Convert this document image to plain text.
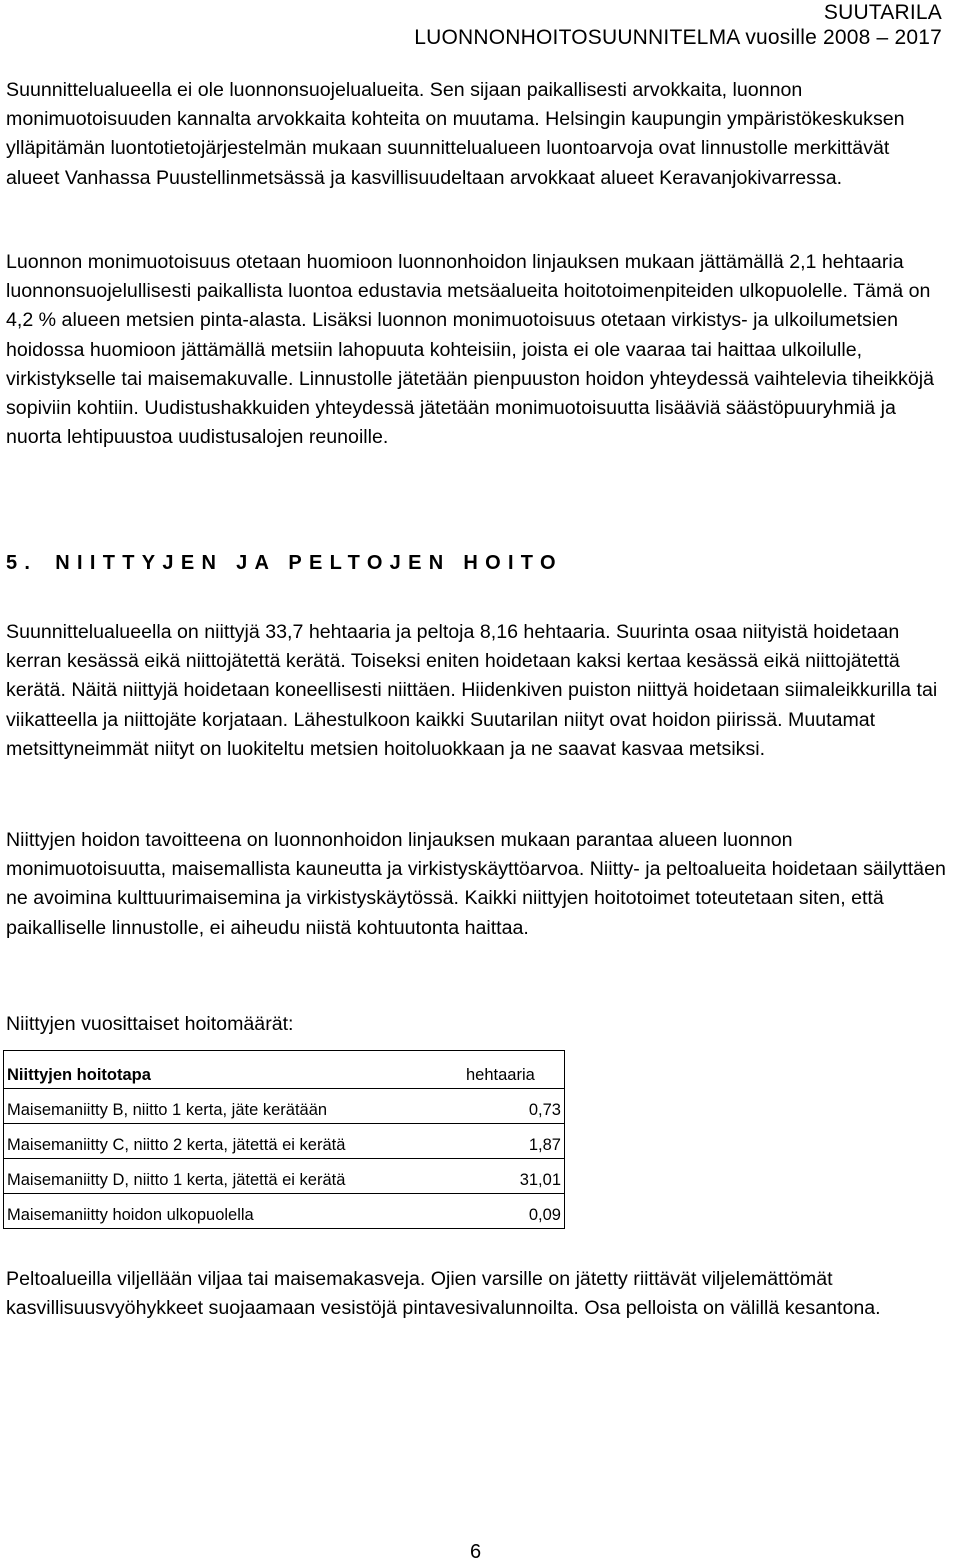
SUUTARILA
LUONNONHOITOSUUNNITELMA vuosille 2008 – 2017

Suunnittelualueella ei ole luonnonsuojelualueita. Sen sijaan paikallisesti arvokkaita, luonnon monimuotoisuuden kannalta arvokkaita kohteita on muutama. Helsingin kaupungin ympäristökeskuksen ylläpitämän luontotietojärjestelmän mukaan suunnittelualueen luontoarvoja ovat linnustolle merkittävät alueet Vanhassa Puustellinmetsässä ja kasvillisuudeltaan arvokkaat alueet Keravanjokivarressa.

Luonnon monimuotoisuus otetaan huomioon luonnonhoidon linjauksen mukaan jättämällä 2,1 hehtaaria luonnonsuojelullisesti paikallista luontoa edustavia metsäalueita hoitotoimenpiteiden ulkopuolelle. Tämä on 4,2 % alueen metsien pinta-alasta. Lisäksi luonnon monimuotoisuus otetaan virkistys- ja ulkoilumetsien hoidossa huomioon jättämällä metsiin lahopuuta kohteisiin, joista ei ole vaaraa tai haittaa ulkoilulle, virkistykselle tai maisemakuvalle. Linnustolle jätetään pienpuuston hoidon yhteydessä vaihtelevia tiheikköjä sopiviin kohtiin. Uudistushakkuiden yhteydessä jätetään monimuotoisuutta lisääviä säästöpuuryhmiä ja nuorta lehtipuustoa uudistusalojen reunoille.

5. NIITTYJEN JA PELTOJEN HOITO

Suunnittelualueella on niittyjä 33,7 hehtaaria ja peltoja 8,16 hehtaaria. Suurinta osaa niityistä hoidetaan kerran kesässä eikä niittojätettä kerätä. Toiseksi eniten hoidetaan kaksi kertaa kesässä eikä niittojätettä kerätä. Näitä niittyjä hoidetaan koneellisesti niittäen. Hiidenkiven puiston niittyä hoidetaan siimaleikkurilla tai viikatteella ja niittojäte korjataan. Lähestulkoon kaikki Suutarilan niityt ovat hoidon piirissä. Muutamat metsittyneimmät niityt on luokiteltu metsien hoitoluokkaan ja ne saavat kasvaa metsiksi.

Niittyjen hoidon tavoitteena on luonnonhoidon linjauksen mukaan parantaa alueen luonnon monimuotoisuutta, maisemallista kauneutta ja virkistyskäyttöarvoa. Niitty- ja peltoalueita hoidetaan säilyttäen ne avoimina kulttuurimaisemina ja virkistyskäytössä. Kaikki niittyjen hoitotoimet toteutetaan siten, että paikalliselle linnustolle, ei aiheudu niistä kohtuutonta haittaa.

Niittyjen vuosittaiset hoitomäärät:

Niittyjen hoitotapa	hehtaaria
Maisemaniitty B, niitto 1 kerta, jäte kerätään	0,73
Maisemaniitty C, niitto 2 kerta, jätettä ei kerätä	1,87
Maisemaniitty D, niitto 1 kerta, jätettä ei kerätä	31,01
Maisemaniitty hoidon ulkopuolella	0,09

Peltoalueilla viljellään viljaa tai maisemakasveja. Ojien varsille on jätetty riittävät viljelemättömät kasvillisuusvyöhykkeet suojaamaan vesistöjä pintavesivalunnoilta. Osa pelloista on välillä kesantona.

6
